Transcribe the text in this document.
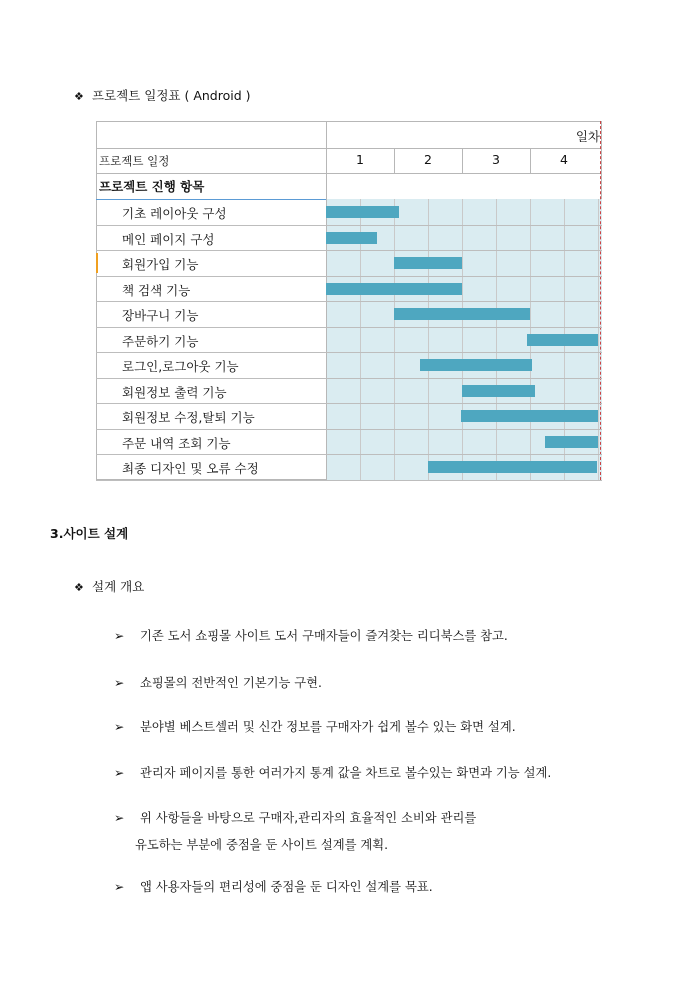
❖ 프로젝트 일정표 ( Android )
일차
프로젝트 일정	1	2	3	4
프로젝트 진행 항목
기초 레이아웃 구성
메인 페이지 구성
회원가입 기능
책 검색 기능
장바구니 기능
주문하기 기능
로그인,로그아웃 기능
회원정보 출력 기능
회원정보 수정,탈퇴 기능
주문 내역 조회 기능
최종 디자인 및 오류 수정
3.사이트 설계
❖ 설계 개요
➢ 기존 도서 쇼핑몰 사이트 도서 구매자들이 즐겨찾는 리디북스를 참고.
➢ 쇼핑몰의 전반적인 기본기능 구현.
➢ 분야별 베스트셀러 및 신간 정보를 구매자가 쉽게 볼수 있는 화면 설계.
➢ 관리자 페이지를 통한 여러가지 통계 값을 차트로 볼수있는 화면과 기능 설계.
➢ 위 사항들을 바탕으로 구매자,관리자의 효율적인 소비와 관리를
유도하는 부분에 중점을 둔 사이트 설계를 계획.
➢ 앱 사용자들의 편리성에 중점을 둔 디자인 설계를 목표.
